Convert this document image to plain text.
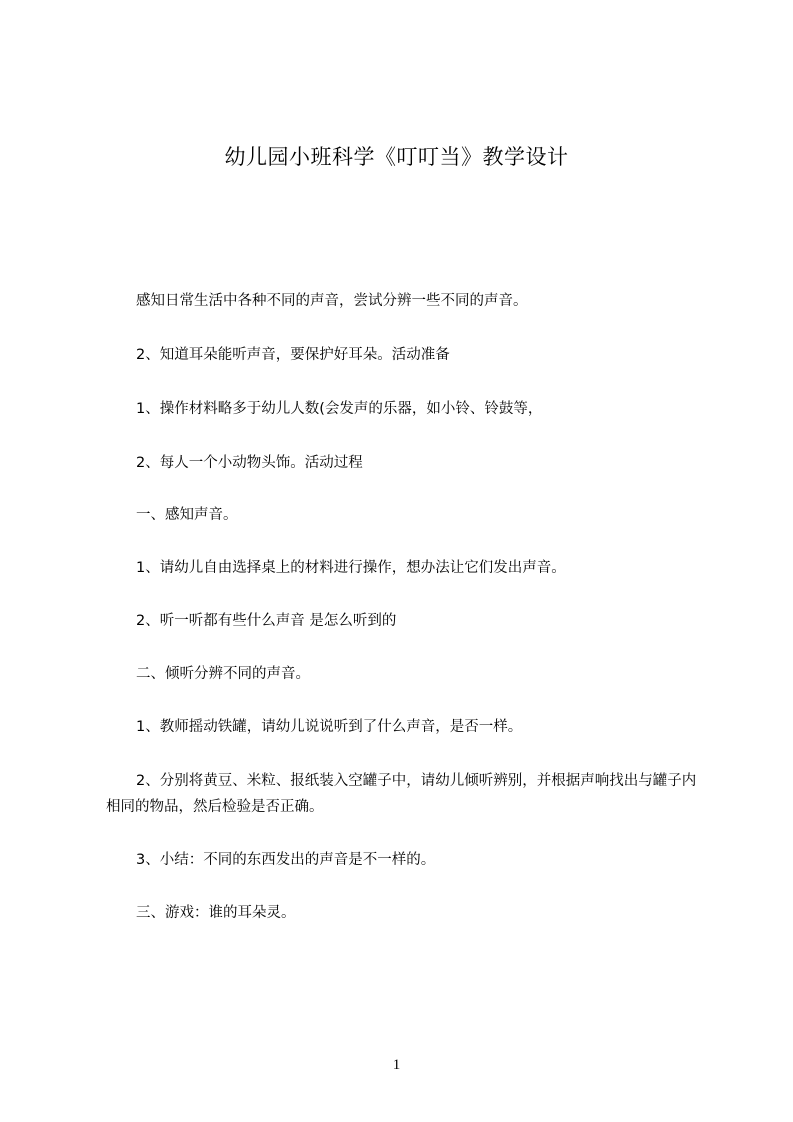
幼儿园小班科学《叮叮当》教学设计

感知日常生活中各种不同的声音，尝试分辨一些不同的声音。

2、知道耳朵能听声音，要保护好耳朵。活动准备

1、操作材料略多于幼儿人数(会发声的乐器，如小铃、铃鼓等，

2、每人一个小动物头饰。活动过程

一、感知声音。

1、请幼儿自由选择桌上的材料进行操作，想办法让它们发出声音。

2、听一听都有些什么声音 是怎么听到的

二、倾听分辨不同的声音。

1、教师摇动铁罐，请幼儿说说听到了什么声音，是否一样。

2、分别将黄豆、米粒、报纸装入空罐子中，请幼儿倾听辨别，并根据声响找出与罐子内相同的物品，然后检验是否正确。

3、小结：不同的东西发出的声音是不一样的。

三、游戏：谁的耳朵灵。

1
